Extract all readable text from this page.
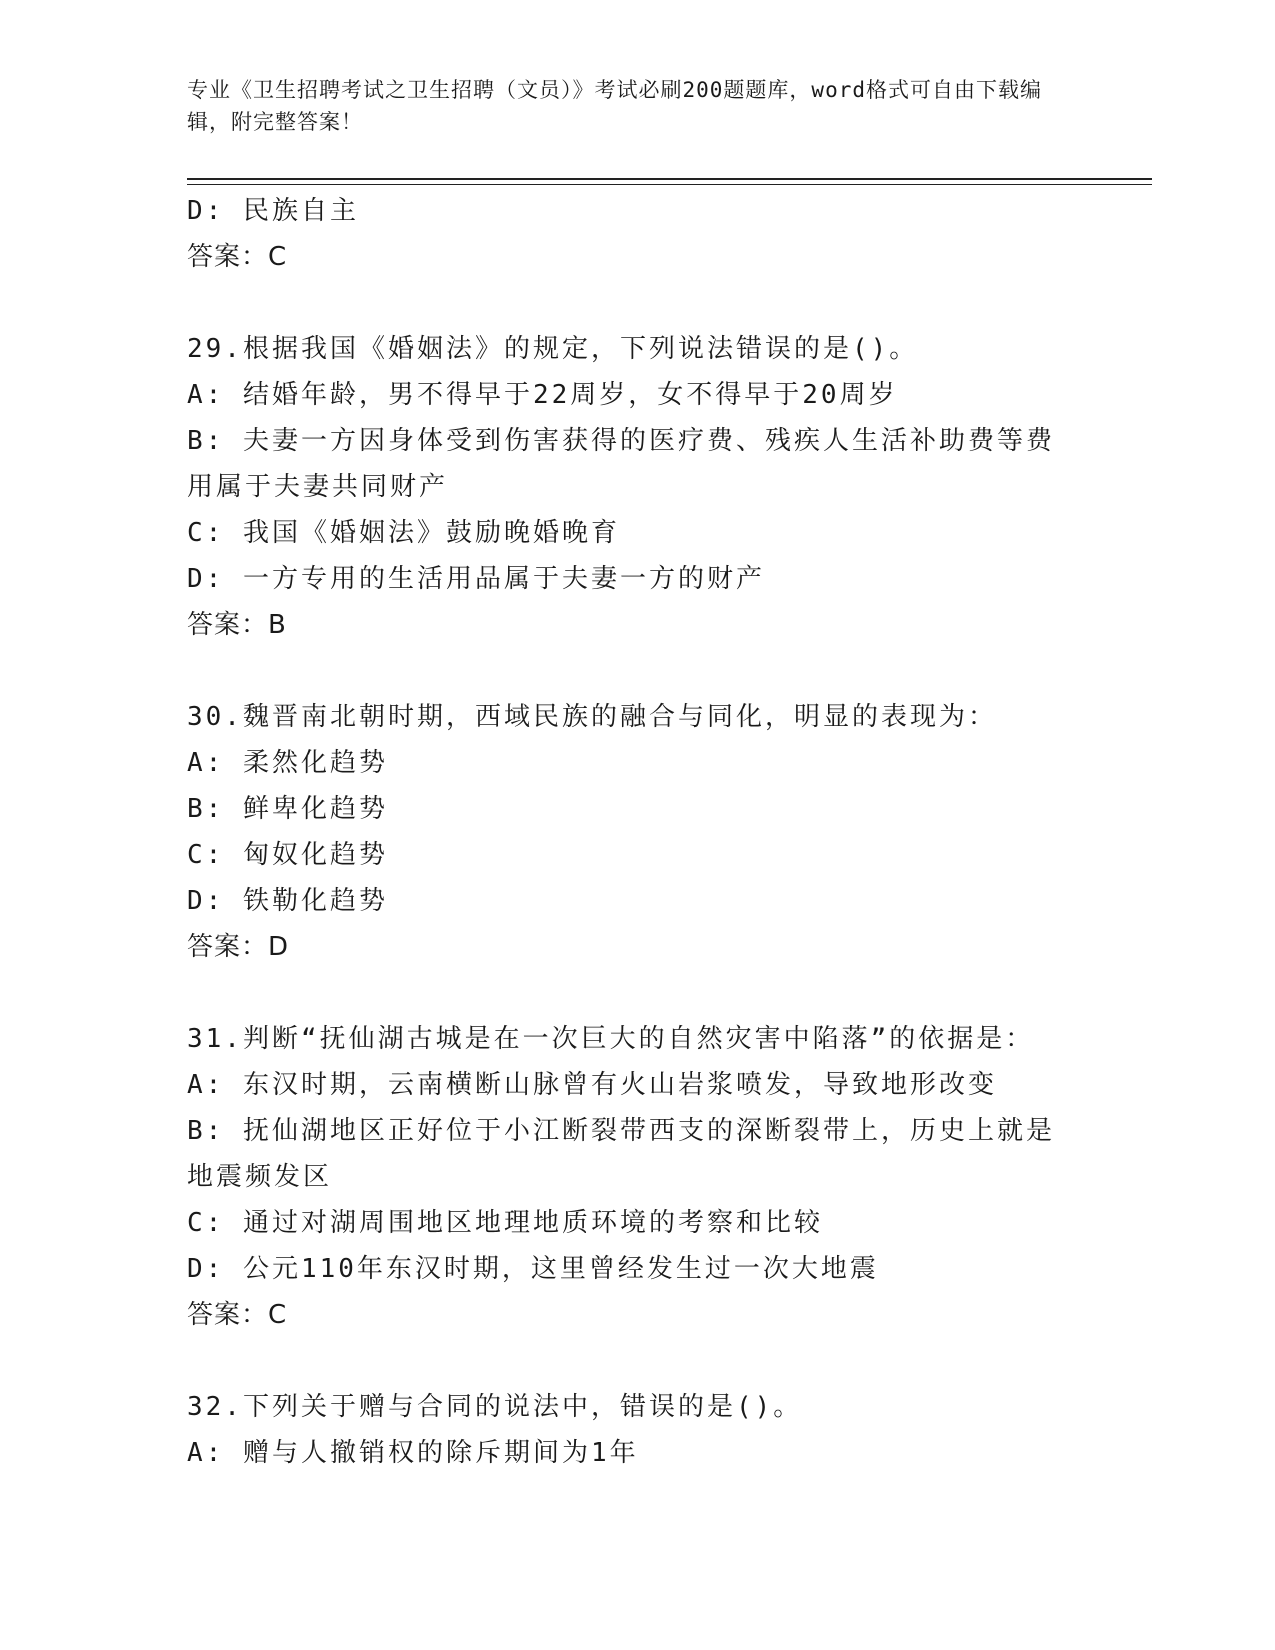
专业《卫生招聘考试之卫生招聘（文员）》考试必刷200题题库，word格式可自由下载编辑，附完整答案！
D: 民族自主
答案：C
29.根据我国《婚姻法》的规定，下列说法错误的是()。
A: 结婚年龄，男不得早于22周岁，女不得早于20周岁
B: 夫妻一方因身体受到伤害获得的医疗费、残疾人生活补助费等费用属于夫妻共同财产
C: 我国《婚姻法》鼓励晚婚晚育
D: 一方专用的生活用品属于夫妻一方的财产
答案：B
30.魏晋南北朝时期，西域民族的融合与同化，明显的表现为：
A: 柔然化趋势
B: 鲜卑化趋势
C: 匈奴化趋势
D: 铁勒化趋势
答案：D
31.判断“抚仙湖古城是在一次巨大的自然灾害中陷落”的依据是：
A: 东汉时期，云南横断山脉曾有火山岩浆喷发，导致地形改变
B: 抚仙湖地区正好位于小江断裂带西支的深断裂带上，历史上就是地震频发区
C: 通过对湖周围地区地理地质环境的考察和比较
D: 公元110年东汉时期，这里曾经发生过一次大地震
答案：C
32.下列关于赠与合同的说法中，错误的是()。
A: 赠与人撤销权的除斥期间为1年
